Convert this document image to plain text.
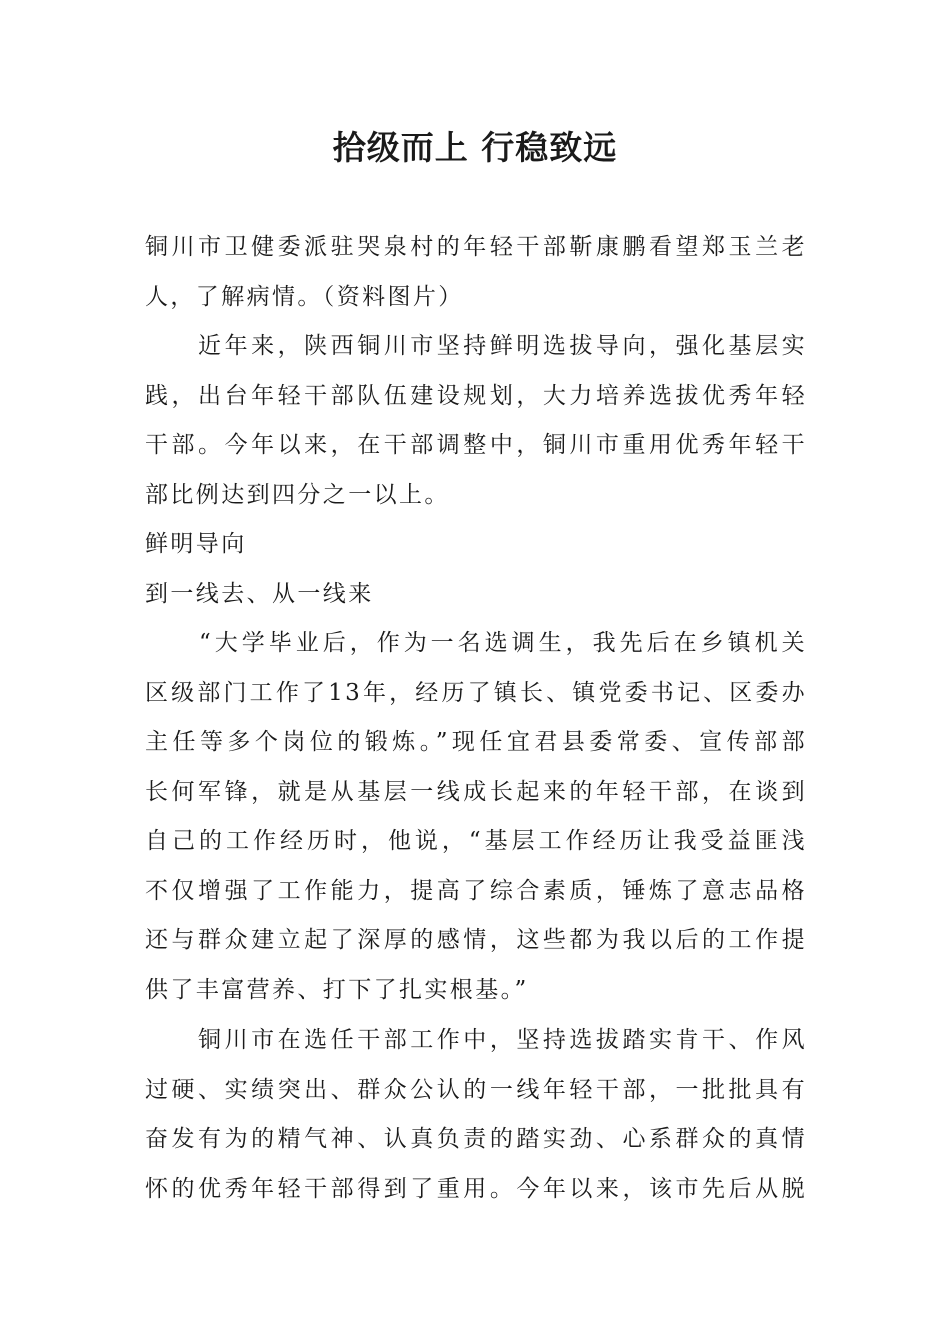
拾级而上 行稳致远
铜川市卫健委派驻哭泉村的年轻干部靳康鹏看望郑玉兰老
人，了解病情。（资料图片）
　　近年来，陕西铜川市坚持鲜明选拔导向，强化基层实
践，出台年轻干部队伍建设规划，大力培养选拔优秀年轻
干部。今年以来，在干部调整中，铜川市重用优秀年轻干
部比例达到四分之一以上。
鲜明导向
到一线去、从一线来
　　“大学毕业后，作为一名选调生，我先后在乡镇机关
区级部门工作了13年，经历了镇长、镇党委书记、区委办
主任等多个岗位的锻炼。”现任宜君县委常委、宣传部部
长何军锋，就是从基层一线成长起来的年轻干部，在谈到
自己的工作经历时，他说，“基层工作经历让我受益匪浅
不仅增强了工作能力，提高了综合素质，锤炼了意志品格
还与群众建立起了深厚的感情，这些都为我以后的工作提
供了丰富营养、打下了扎实根基。”
　　铜川市在选任干部工作中，坚持选拔踏实肯干、作风
过硬、实绩突出、群众公认的一线年轻干部，一批批具有
奋发有为的精气神、认真负责的踏实劲、心系群众的真情
怀的优秀年轻干部得到了重用。今年以来，该市先后从脱
